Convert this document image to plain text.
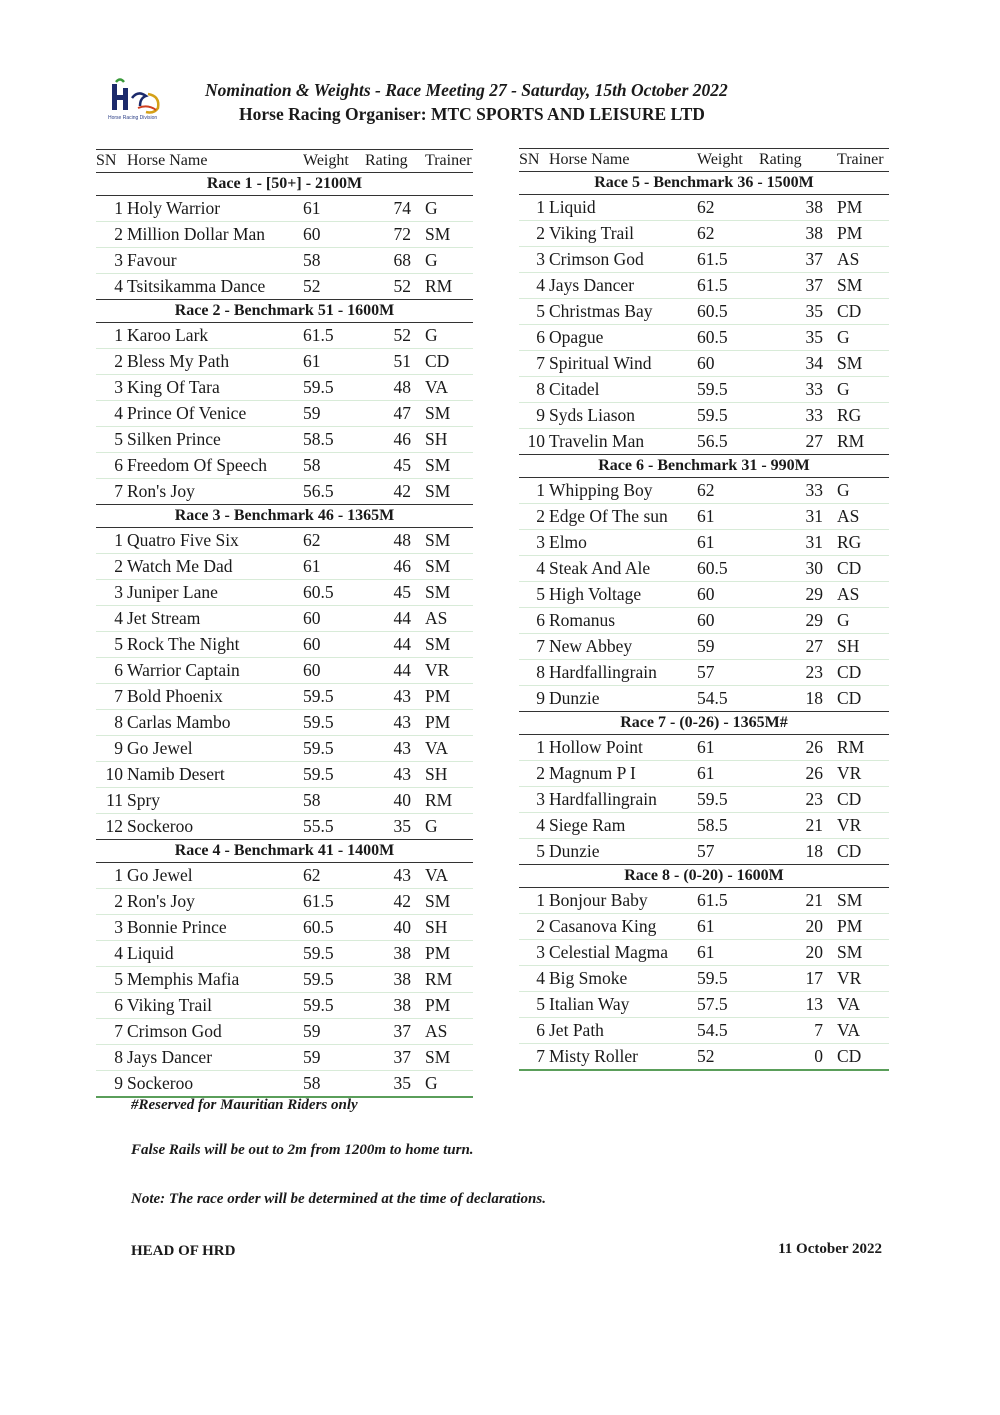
Horse Racing Division
Nomination & Weights - Race Meeting 27 - Saturday, 15th October 2022
Horse Racing Organiser: MTC SPORTS AND LEISURE LTD
SN	Horse Name	Weight	Rating	Trainer
Race 1 - [50+] - 2100M				
1	Holy Warrior	61	74	G
2	Million Dollar Man	60	72	SM
3	Favour	58	68	G
4	Tsitsikamma Dance	52	52	RM
Race 2 - Benchmark 51 - 1600M				
1	Karoo Lark	61.5	52	G
2	Bless My Path	61	51	CD
3	King Of Tara	59.5	48	VA
4	Prince Of Venice	59	47	SM
5	Silken Prince	58.5	46	SH
6	Freedom Of Speech	58	45	SM
7	Ron's Joy	56.5	42	SM
Race 3 - Benchmark 46 - 1365M				
1	Quatro Five Six	62	48	SM
2	Watch Me Dad	61	46	SM
3	Juniper Lane	60.5	45	SM
4	Jet Stream	60	44	AS
5	Rock The Night	60	44	SM
6	Warrior Captain	60	44	VR
7	Bold Phoenix	59.5	43	PM
8	Carlas Mambo	59.5	43	PM
9	Go Jewel	59.5	43	VA
10	Namib Desert	59.5	43	SH
11	Spry	58	40	RM
12	Sockeroo	55.5	35	G
Race 4 - Benchmark 41 - 1400M				
1	Go Jewel	62	43	VA
2	Ron's Joy	61.5	42	SM
3	Bonnie Prince	60.5	40	SH
4	Liquid	59.5	38	PM
5	Memphis Mafia	59.5	38	RM
6	Viking Trail	59.5	38	PM
7	Crimson God	59	37	AS
8	Jays Dancer	59	37	SM
9	Sockeroo	58	35	G
SN	Horse Name	Weight	Rating	Trainer
Race 5 - Benchmark 36 - 1500M				
1	Liquid	62	38	PM
2	Viking Trail	62	38	PM
3	Crimson God	61.5	37	AS
4	Jays Dancer	61.5	37	SM
5	Christmas Bay	60.5	35	CD
6	Opague	60.5	35	G
7	Spiritual Wind	60	34	SM
8	Citadel	59.5	33	G
9	Syds Liason	59.5	33	RG
10	Travelin Man	56.5	27	RM
Race 6 - Benchmark 31 - 990M				
1	Whipping Boy	62	33	G
2	Edge Of The sun	61	31	AS
3	Elmo	61	31	RG
4	Steak And Ale	60.5	30	CD
5	High Voltage	60	29	AS
6	Romanus	60	29	G
7	New Abbey	59	27	SH
8	Hardfallingrain	57	23	CD
9	Dunzie	54.5	18	CD
Race 7 - (0-26) - 1365M#				
1	Hollow Point	61	26	RM
2	Magnum P I	61	26	VR
3	Hardfallingrain	59.5	23	CD
4	Siege Ram	58.5	21	VR
5	Dunzie	57	18	CD
Race 8 - (0-20) - 1600M				
1	Bonjour Baby	61.5	21	SM
2	Casanova King	61	20	PM
3	Celestial Magma	61	20	SM
4	Big Smoke	59.5	17	VR
5	Italian Way	57.5	13	VA
6	Jet Path	54.5	7	VA
7	Misty Roller	52	0	CD
#Reserved for Mauritian Riders only
False Rails will be out to 2m from 1200m to home turn.
Note: The race order will be determined at the time of declarations.
HEAD OF HRD	11 October 2022
